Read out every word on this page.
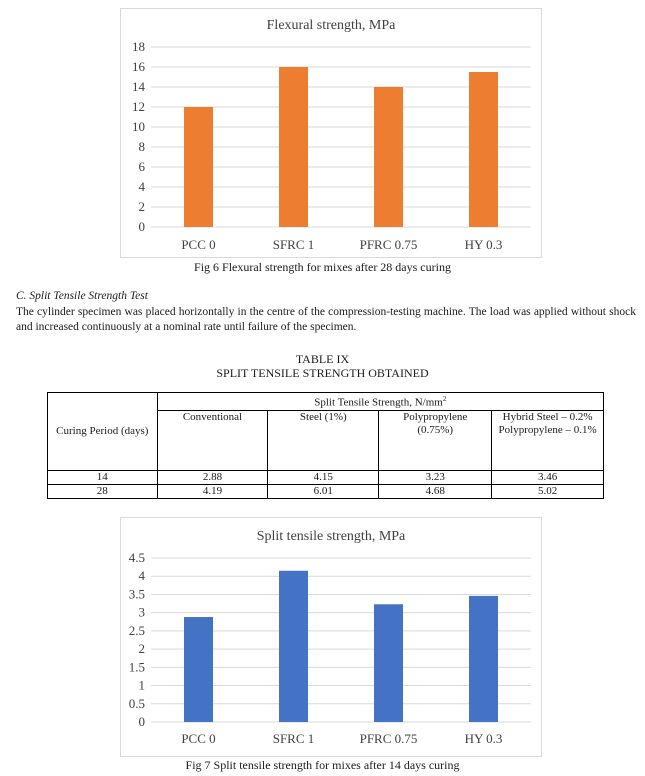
Flexural strength, MPa
0
2
4
6
8
10
12
14
16
18
PCC 0	SFRC 1	PFRC 0.75	HY 0.3
Fig 6 Flexural strength for mixes after 28 days curing
C. Split Tensile Strength Test
The cylinder specimen was placed horizontally in the centre of the compression-testing machine. The load was applied without shock and increased continuously at a nominal rate until failure of the specimen.
TABLE IX
SPLIT TENSILE STRENGTH OBTAINED
Curing Period (days)	Split Tensile Strength, $N/mm^2$
	Conventional	Steel (1%)	Polypropylene (0.75%)	Hybrid Steel – 0.2% Polypropylene – 0.1%
14	2.88	4.15	3.23	3.46
28	4.19	6.01	4.68	5.02
Split tensile strength, MPa
0
0.5
1
1.5
2
2.5
3
3.5
4
4.5
PCC 0	SFRC 1	PFRC 0.75	HY 0.3
Fig 7 Split tensile strength for mixes after 14 days curing
